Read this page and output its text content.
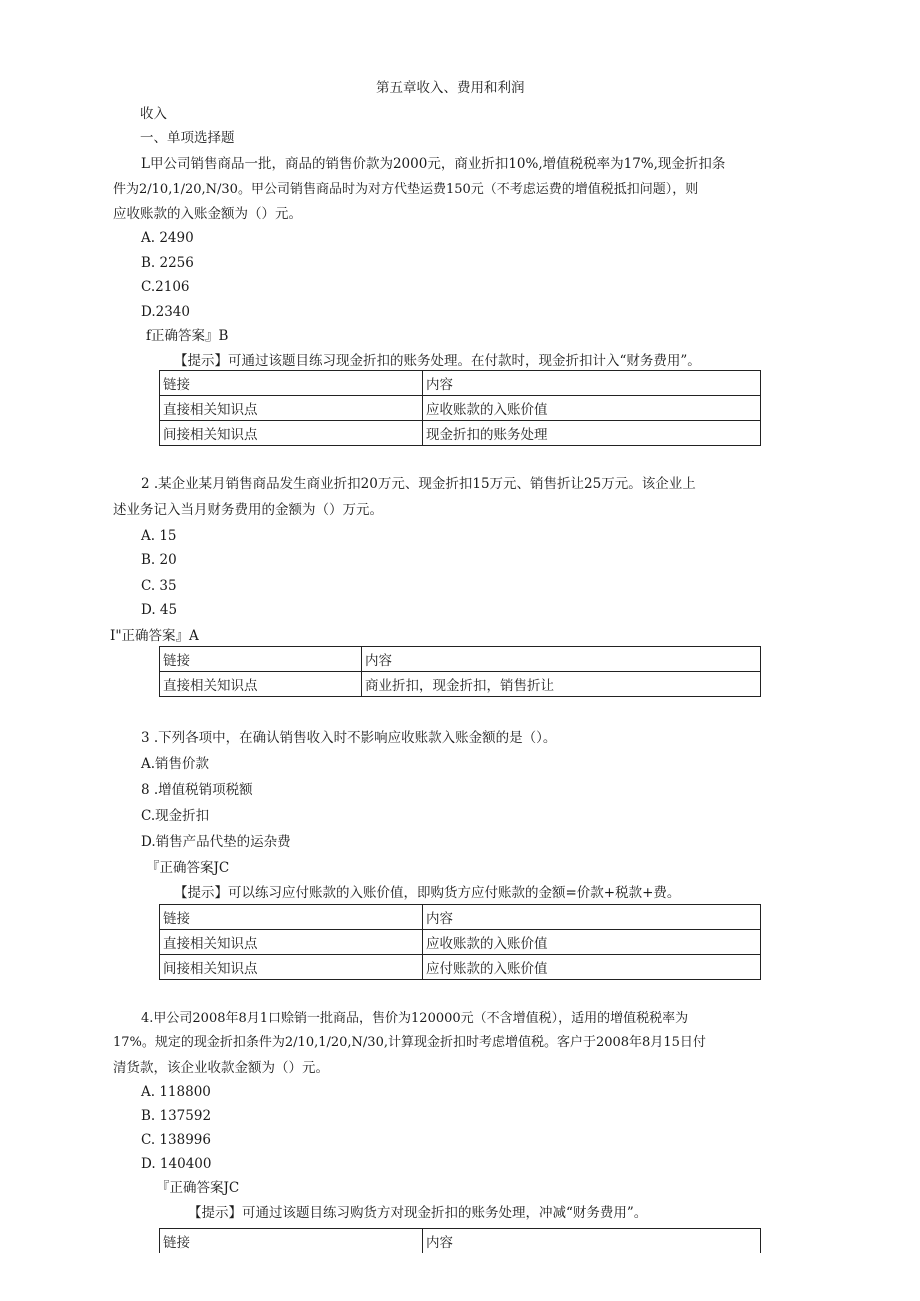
第五章收入、费用和利润
收入
一、单项选择题
L甲公司销售商品一批，商品的销售价款为2000元，商业折扣10%,增值税税率为17%,现金折扣条
件为2/10,1/20,N/30。甲公司销售商品时为对方代垫运费150元（不考虑运费的增值税抵扣问题），则
应收账款的入账金额为（）元。
A. 2490
B. 2256
C.2106
D.2340
f正确答案』B
【提示】可通过该题目练习现金折扣的账务处理。在付款时，现金折扣计入“财务费用”。
链接	内容
直接相关知识点	应收账款的入账价值
间接相关知识点	现金折扣的账务处理
2 .某企业某月销售商品发生商业折扣20万元、现金折扣15万元、销售折让25万元。该企业上
述业务记入当月财务费用的金额为（）万元。
A. 15
B. 20
C. 35
D. 45
I"正确答案』A
链接	内容
直接相关知识点	商业折扣，现金折扣，销售折让
3 .下列各项中，在确认销售收入时不影响应收账款入账金额的是（）。
A.销售价款
8 .增值税销项税额
C.现金折扣
D.销售产品代垫的运杂费
『正确答案JC
【提示】可以练习应付账款的入账价值，即购货方应付账款的金额=价款+税款+费。
链接	内容
直接相关知识点	应收账款的入账价值
间接相关知识点	应付账款的入账价值
4.甲公司2008年8月1口赊销一批商品，售价为120000元（不含增值税），适用的增值税税率为
17%。规定的现金折扣条件为2/10,1/20,N/30,计算现金折扣时考虑增值税。客户于2008年8月15日付
清货款，该企业收款金额为（）元。
A. 118800
B. 137592
C. 138996
D. 140400
『正确答案JC
【提示】可通过该题目练习购货方对现金折扣的账务处理，冲减“财务费用”。
链接	内容
